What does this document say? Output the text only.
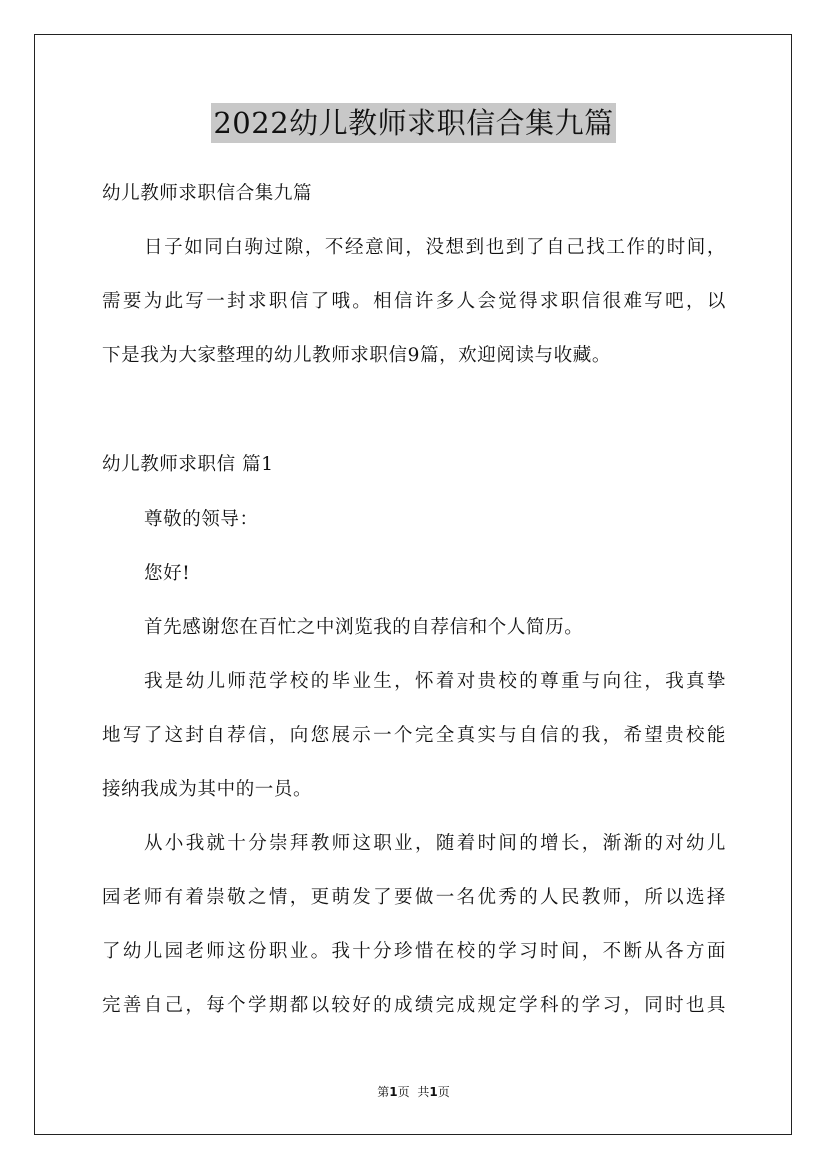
2022幼儿教师求职信合集九篇
幼儿教师求职信合集九篇
日子如同白驹过隙，不经意间，没想到也到了自己找工作的时间，
需要为此写一封求职信了哦。相信许多人会觉得求职信很难写吧，以
下是我为大家整理的幼儿教师求职信9篇，欢迎阅读与收藏。
幼儿教师求职信 篇1
尊敬的领导：
您好!
首先感谢您在百忙之中浏览我的自荐信和个人简历。
我是幼儿师范学校的毕业生，怀着对贵校的尊重与向往，我真挚
地写了这封自荐信，向您展示一个完全真实与自信的我，希望贵校能
接纳我成为其中的一员。
从小我就十分崇拜教师这职业，随着时间的增长，渐渐的对幼儿
园老师有着崇敬之情，更萌发了要做一名优秀的人民教师，所以选择
了幼儿园老师这份职业。我十分珍惜在校的学习时间，不断从各方面
完善自己，每个学期都以较好的成绩完成规定学科的学习，同时也具
第1页 共1页
